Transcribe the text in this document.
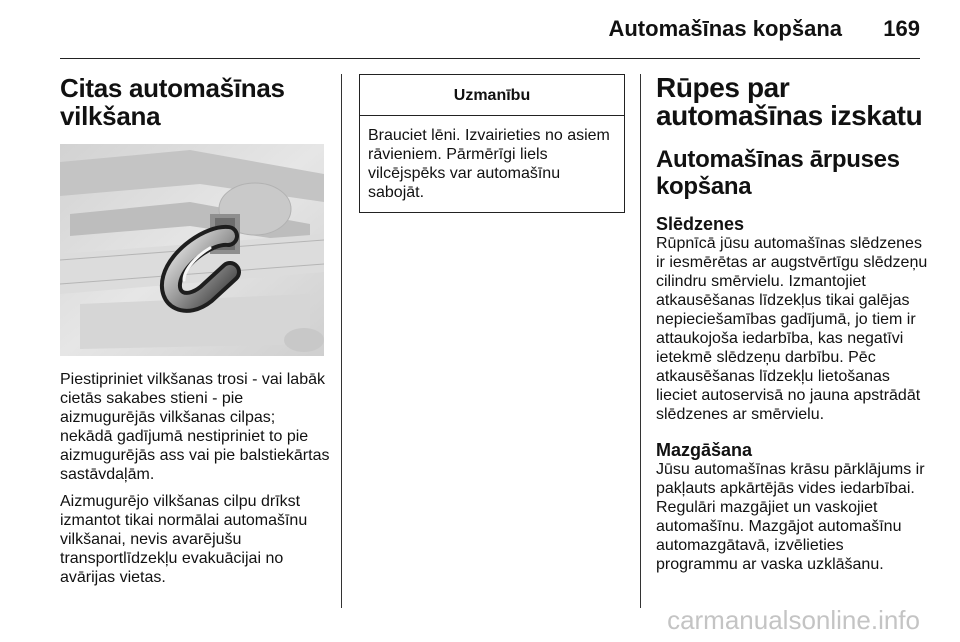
Automašīnas kopšana 169
Citas automašīnas vilkšana

Piestipriniet vilkšanas trosi - vai labāk cietās sakabes stieni - pie aizmugurējās vilkšanas cilpas; nekādā gadījumā nestipriniet to pie aizmugurējās ass vai pie balstiekārtas sastāvdaļām.

Aizmugurējo vilkšanas cilpu drīkst izmantot tikai normālai automašīnu vilkšanai, nevis avarējušu transportlīdzekļu evakuācijai no avārijas vietas.

Uzmanību
Brauciet lēni. Izvairieties no asiem rāvieniem. Pārmērīgi liels vilcējspēks var automašīnu sabojāt.
Rūpes par automašīnas izskatu
Automašīnas ārpuses kopšana
Slēdzenes

Rūpnīcā jūsu automašīnas slēdzenes ir iesmērētas ar augstvērtīgu slēdzeņu cilindru smērvielu. Izmantojiet atkausēšanas līdzekļus tikai galējas nepieciešamības gadījumā, jo tiem ir attaukojoša iedarbība, kas negatīvi ietekmē slēdzeņu darbību. Pēc atkausēšanas līdzekļu lietošanas lieciet autoservisā no jauna apstrādāt slēdzenes ar smērvielu.

Mazgāšana

Jūsu automašīnas krāsu pārklājums ir pakļauts apkārtējās vides iedarbībai. Regulāri mazgājiet un vaskojiet automašīnu. Mazgājot automašīnu automazgātavā, izvēlieties programmu ar vaska uzklāšanu.

carmanualsonline.info
